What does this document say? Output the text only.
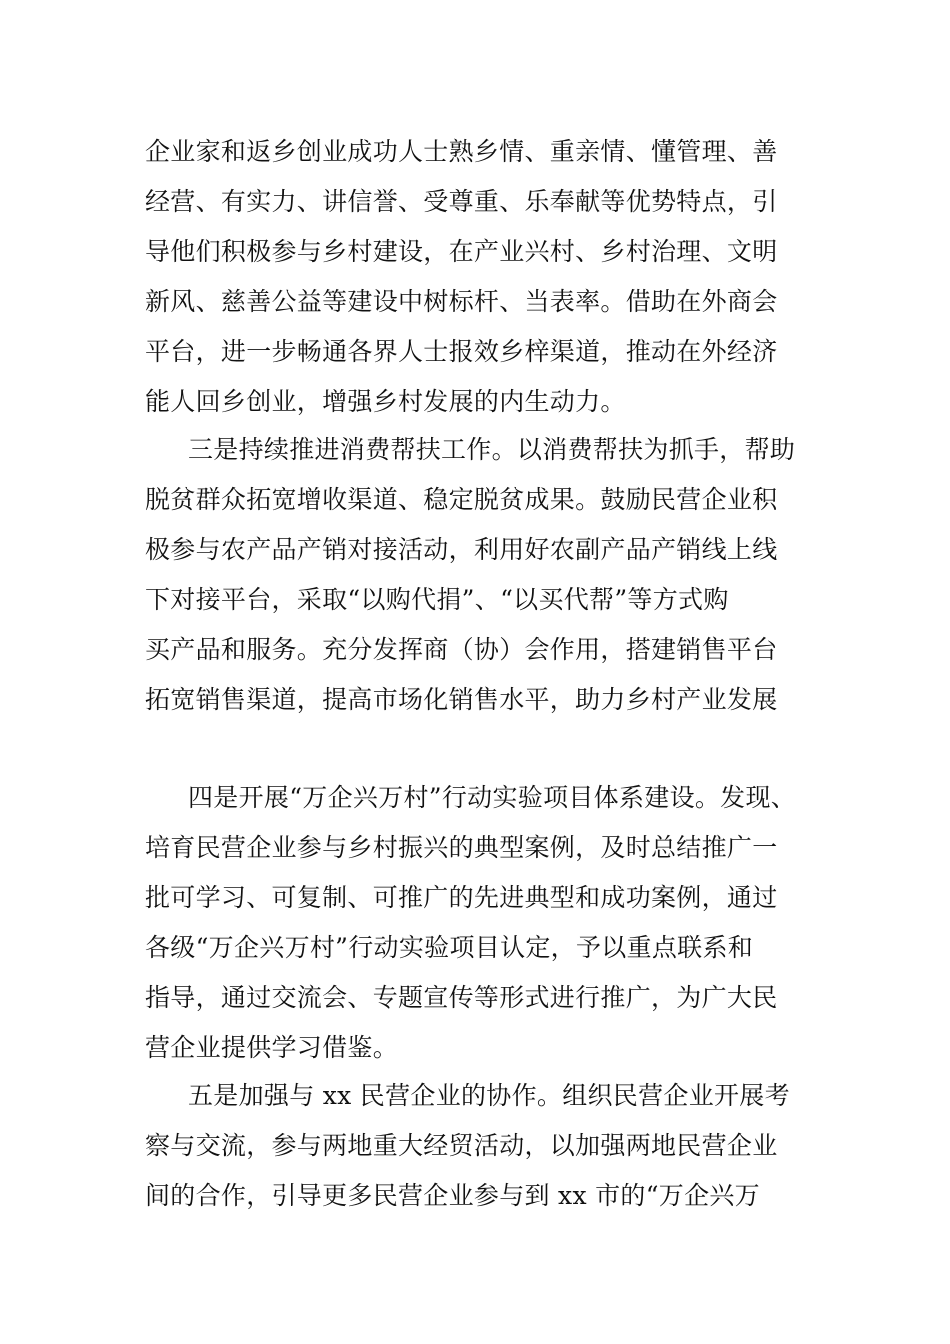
企业家和返乡创业成功人士熟乡情、重亲情、懂管理、善
经营、有实力、讲信誉、受尊重、乐奉献等优势特点，引
导他们积极参与乡村建设，在产业兴村、乡村治理、文明
新风、慈善公益等建设中树标杆、当表率。借助在外商会
平台，进一步畅通各界人士报效乡梓渠道，推动在外经济
能人回乡创业，增强乡村发展的内生动力。
三是持续推进消费帮扶工作。以消费帮扶为抓手，帮助
脱贫群众拓宽增收渠道、稳定脱贫成果。鼓励民营企业积
极参与农产品产销对接活动，利用好农副产品产销线上线
下对接平台，采取“以购代捐”、“以买代帮”等方式购
买产品和服务。充分发挥商（协）会作用，搭建销售平台
拓宽销售渠道，提高市场化销售水平，助力乡村产业发展
四是开展“万企兴万村”行动实验项目体系建设。发现、
培育民营企业参与乡村振兴的典型案例，及时总结推广一
批可学习、可复制、可推广的先进典型和成功案例，通过
各级“万企兴万村”行动实验项目认定，予以重点联系和
指导，通过交流会、专题宣传等形式进行推广，为广大民
营企业提供学习借鉴。
五是加强与 xx 民营企业的协作。组织民营企业开展考
察与交流，参与两地重大经贸活动，以加强两地民营企业
间的合作，引导更多民营企业参与到 xx 市的“万企兴万
